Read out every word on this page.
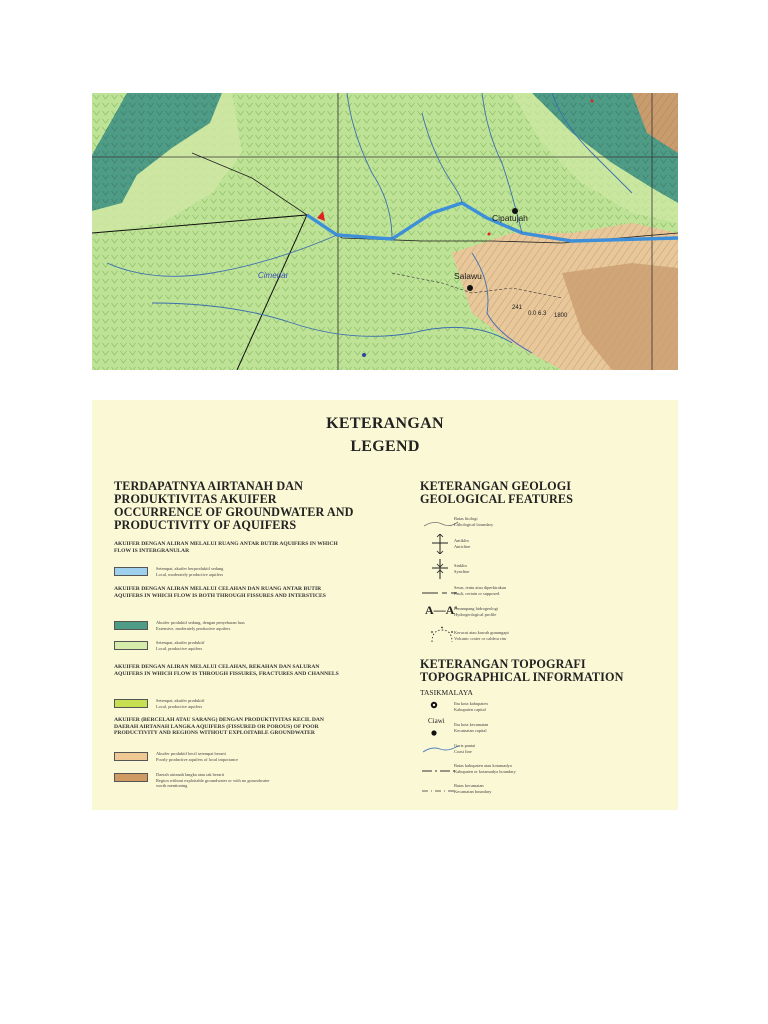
Cipatujah
Salawu
Cimedar
241
0.0 6.3 1800
KETERANGAN
LEGEND
TERDAPATNYA AIRTANAH DAN PRODUKTIVITAS AKUIFER OCCURRENCE OF GROUNDWATER AND PRODUCTIVITY OF AQUIFERS
AKUIFER DENGAN ALIRAN MELALUI RUANG ANTAR BUTIR AQUIFERS IN WHICH FLOW IS INTERGRANULAR
Setempat, akuifer berproduktif sedang
Local, moderately productive aquifers
AKUIFER DENGAN ALIRAN MELALUI CELAHAN DAN RUANG ANTAR BUTIR AQUIFERS IN WHICH FLOW IS BOTH THROUGH FISSURES AND INTERSTICES
Akuifer produktif sedang, dengan penyebaran luas
Extensive, moderately productive aquifers
Setempat, akuifer produktif
Local, productive aquifers
AKUIFER DENGAN ALIRAN MELALUI CELAHAN, REKAHAN DAN SALURAN AQUIFERS IN WHICH FLOW IS THROUGH FISSURES, FRACTURES AND CHANNELS
Setempat, akuifer produktif
Local, productive aquifers
AKUIFER (BERCELAH ATAU SARANG) DENGAN PRODUKTIVITAS KECIL DAN DAERAH AIRTANAH LANGKA AQUIFERS (FISSURED OR POROUS) OF POOR PRODUCTIVITY AND REGIONS WITHOUT EXPLOITABLE GROUNDWATER
Akuifer produktif kecil setempat berarti
Poorly productive aquifers of local importance
Daerah airtanah langka atau tak berarti
Region without exploitable groundwater or with no groundwater
worth mentioning
KETERANGAN GEOLOGI GEOLOGICAL FEATURES
Batas litologi
Lithological boundary
Antiklin
Anticline
Sinklin
Syncline
Sesar, tentu atau diperkirakan
Fault, certain or supposed
A—A'
Penampang hidrogeologi
Hydrogeological profile
Kerucut atau kawah gunungapi
Volcanic crater or caldera rim
KETERANGAN TOPOGRAFI TOPOGRAPHICAL INFORMATION
TASIKMALAYA
Ibu kota kabupaten
Kabupaten capital
Ciawi Ibu kota kecamatan
Kecamatan capital
Garis pantai
Coast line
Batas kabupaten atau kotamadya
Kabupaten or kotamadya boundary
Batas kecamatan
Kecamatan boundary
